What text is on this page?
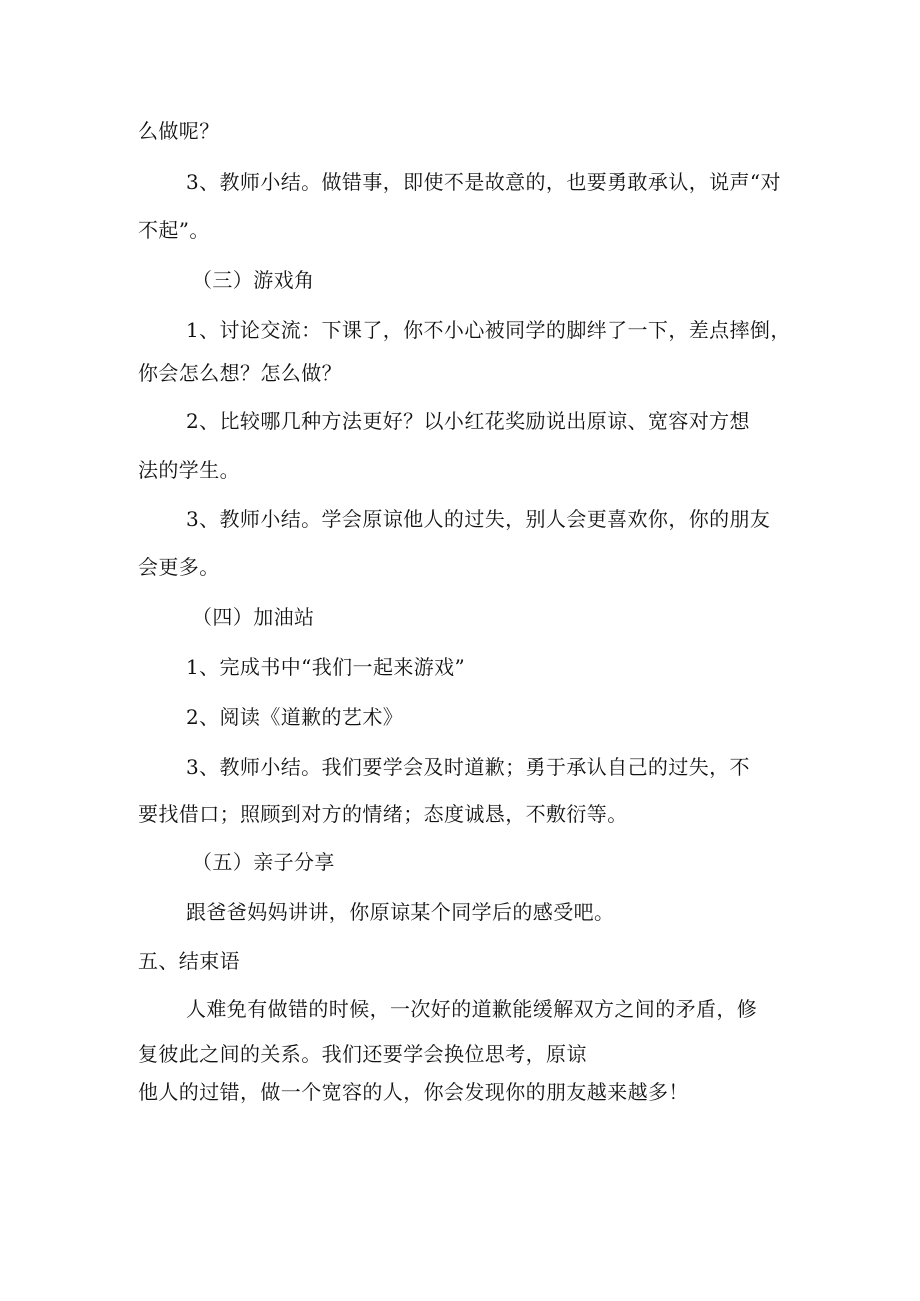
么做呢？
3、教师小结。做错事，即使不是故意的，也要勇敢承认，说声“对
不起”。
（三）游戏角
1、讨论交流：下课了，你不小心被同学的脚绊了一下，差点摔倒，
你会怎么想？怎么做？
2、比较哪几种方法更好？以小红花奖励说出原谅、宽容对方想
法的学生。
3、教师小结。学会原谅他人的过失，别人会更喜欢你，你的朋友
会更多。
（四）加油站
1、完成书中“我们一起来游戏”
2、阅读《道歉的艺术》
3、教师小结。我们要学会及时道歉；勇于承认自己的过失，不
要找借口；照顾到对方的情绪；态度诚恳，不敷衍等。
（五）亲子分享
跟爸爸妈妈讲讲，你原谅某个同学后的感受吧。
五、结束语
人难免有做错的时候，一次好的道歉能缓解双方之间的矛盾，修
复彼此之间的关系。我们还要学会换位思考，原谅
他人的过错，做一个宽容的人，你会发现你的朋友越来越多！
